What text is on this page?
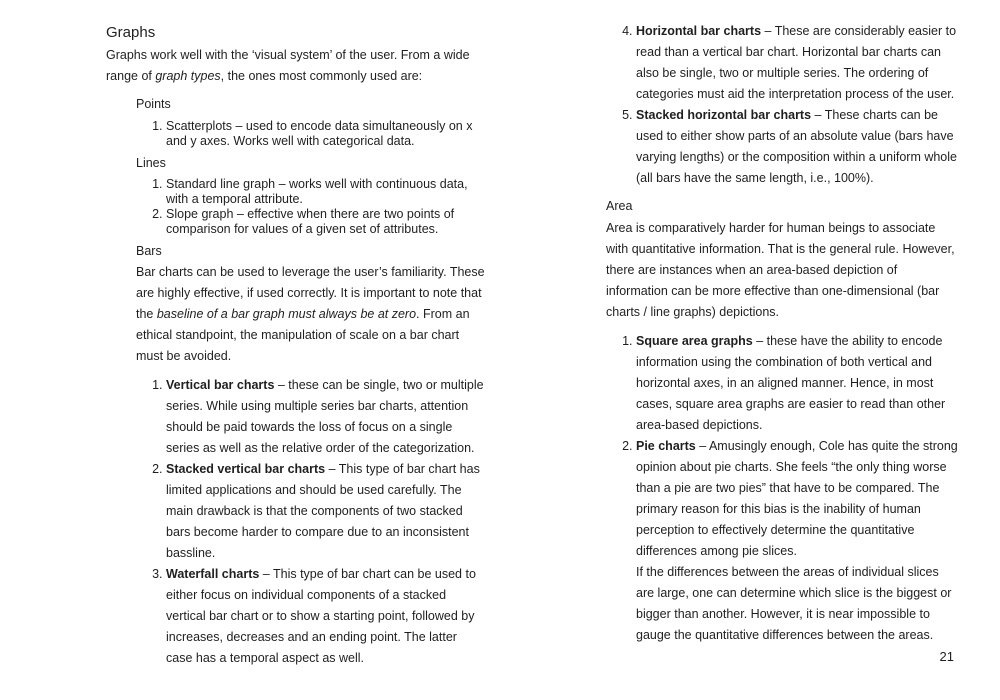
Graphs

Graphs work well with the ‘visual system’ of the user. From a wide range of graph types, the ones most commonly used are:

Points

1. Scatterplots – used to encode data simultaneously on x and y axes. Works well with categorical data.

Lines

1. Standard line graph – works well with continuous data, with a temporal attribute.
2. Slope graph – effective when there are two points of comparison for values of a given set of attributes.

Bars

Bar charts can be used to leverage the user’s familiarity. These are highly effective, if used correctly. It is important to note that the baseline of a bar graph must always be at zero. From an ethical standpoint, the manipulation of scale on a bar chart must be avoided.

1. Vertical bar charts – these can be single, two or multiple series. While using multiple series bar charts, attention should be paid towards the loss of focus on a single series as well as the relative order of the categorization.
2. Stacked vertical bar charts – This type of bar chart has limited applications and should be used carefully. The main drawback is that the components of two stacked bars become harder to compare due to an inconsistent bassline.
3. Waterfall charts – This type of bar chart can be used to either focus on individual components of a stacked vertical bar chart or to show a starting point, followed by increases, decreases and an ending point. The latter case has a temporal aspect as well.
4. Horizontal bar charts – These are considerably easier to read than a vertical bar chart. Horizontal bar charts can also be single, two or multiple series. The ordering of categories must aid the interpretation process of the user.
5. Stacked horizontal bar charts – These charts can be used to either show parts of an absolute value (bars have varying lengths) or the composition within a uniform whole (all bars have the same length, i.e., 100%).

Area

Area is comparatively harder for human beings to associate with quantitative information. That is the general rule. However, there are instances when an area-based depiction of information can be more effective than one-dimensional (bar charts / line graphs) depictions.

1. Square area graphs – these have the ability to encode information using the combination of both vertical and horizontal axes, in an aligned manner. Hence, in most cases, square area graphs are easier to read than other area-based depictions.
2. Pie charts – Amusingly enough, Cole has quite the strong opinion about pie charts. She feels “the only thing worse than a pie are two pies” that have to be compared. The primary reason for this bias is the inability of human perception to effectively determine the quantitative differences among pie slices.

If the differences between the areas of individual slices are large, one can determine which slice is the biggest or bigger than another. However, it is near impossible to gauge the quantitative differences between the areas.

21
